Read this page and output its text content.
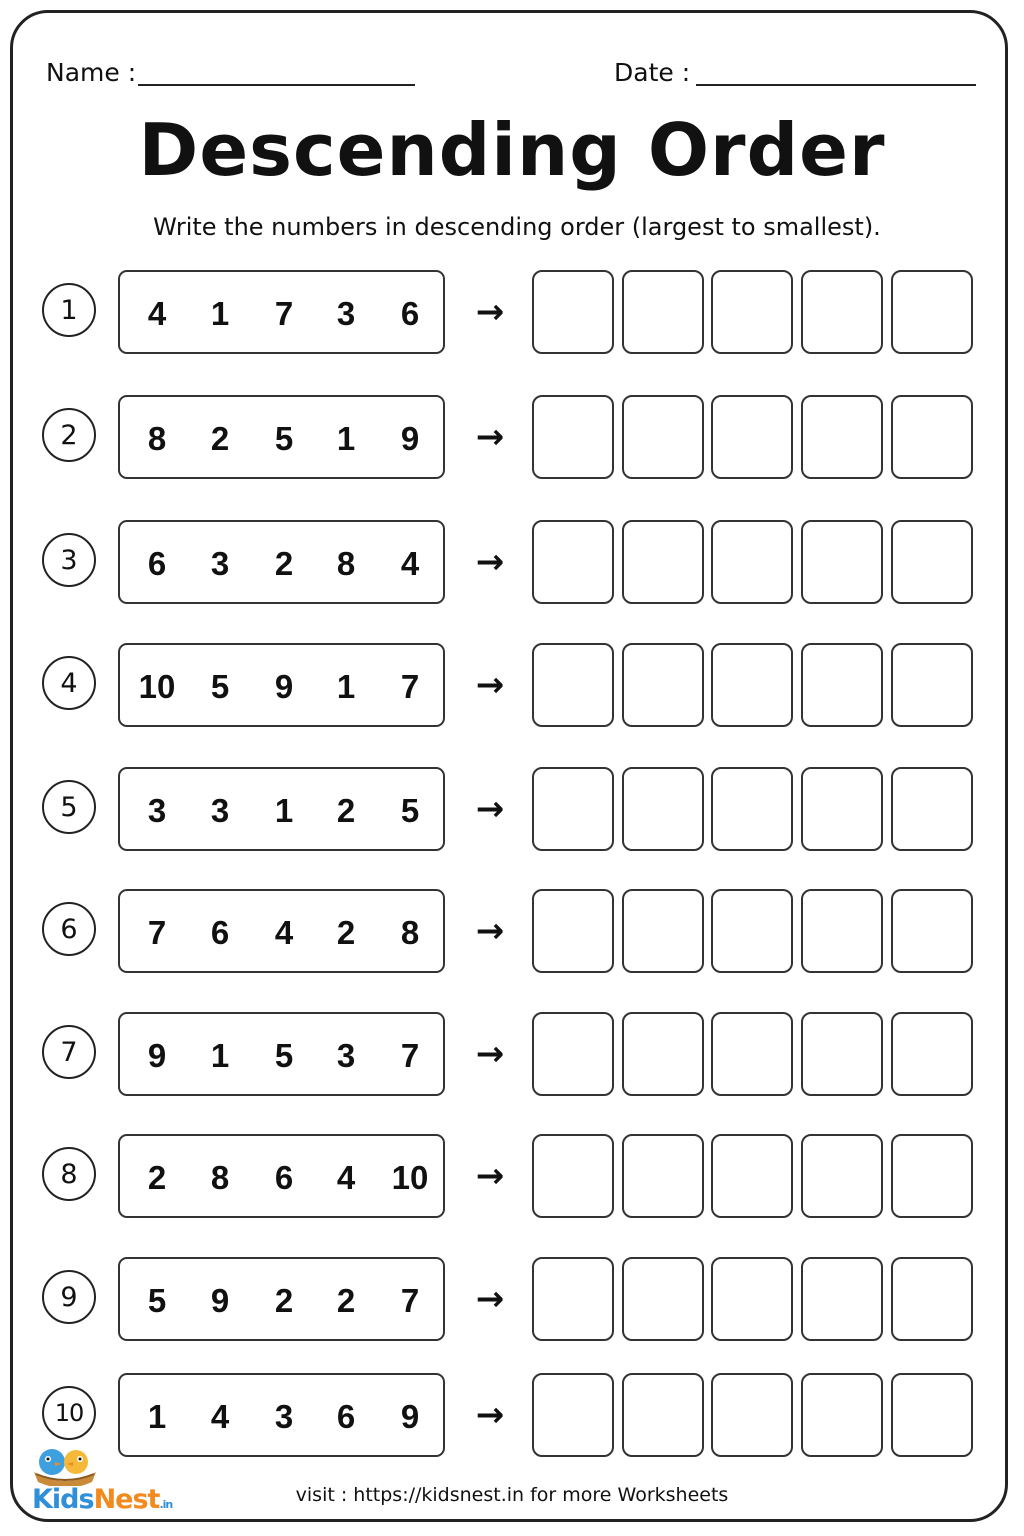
Name :	Date :
Descending Order
Write the numbers in descending order (largest to smallest).
1	4	1	7	3	6	→
2	8	2	5	1	9	→
3	6	3	2	8	4	→
4	10	5	9	1	7	→
5	3	3	1	2	5	→
6	7	6	4	2	8	→
7	9	1	5	3	7	→
8	2	8	6	4	10	→
9	5	9	2	2	7	→
10	1	4	3	6	9	→
KidsNest.in	visit : https://kidsnest.in for more Worksheets
